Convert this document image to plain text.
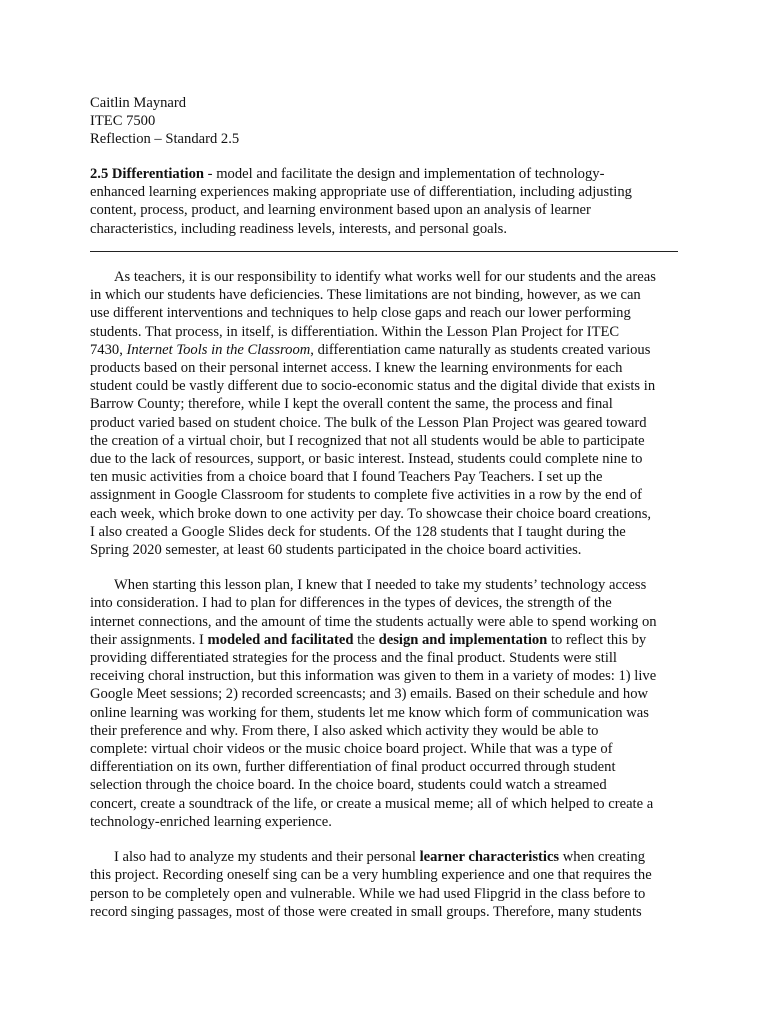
Caitlin Maynard
ITEC 7500
Reflection – Standard 2.5
2.5 Differentiation - model and facilitate the design and implementation of technology-
enhanced learning experiences making appropriate use of differentiation, including adjusting
content, process, product, and learning environment based upon an analysis of learner
characteristics, including readiness levels, interests, and personal goals.
As teachers, it is our responsibility to identify what works well for our students and the areas
in which our students have deficiencies. These limitations are not binding, however, as we can
use different interventions and techniques to help close gaps and reach our lower performing
students. That process, in itself, is differentiation. Within the Lesson Plan Project for ITEC
7430, Internet Tools in the Classroom, differentiation came naturally as students created various
products based on their personal internet access. I knew the learning environments for each
student could be vastly different due to socio-economic status and the digital divide that exists in
Barrow County; therefore, while I kept the overall content the same, the process and final
product varied based on student choice. The bulk of the Lesson Plan Project was geared toward
the creation of a virtual choir, but I recognized that not all students would be able to participate
due to the lack of resources, support, or basic interest. Instead, students could complete nine to
ten music activities from a choice board that I found Teachers Pay Teachers. I set up the
assignment in Google Classroom for students to complete five activities in a row by the end of
each week, which broke down to one activity per day. To showcase their choice board creations,
I also created a Google Slides deck for students. Of the 128 students that I taught during the
Spring 2020 semester, at least 60 students participated in the choice board activities.
When starting this lesson plan, I knew that I needed to take my students’ technology access
into consideration. I had to plan for differences in the types of devices, the strength of the
internet connections, and the amount of time the students actually were able to spend working on
their assignments. I modeled and facilitated the design and implementation to reflect this by
providing differentiated strategies for the process and the final product. Students were still
receiving choral instruction, but this information was given to them in a variety of modes: 1) live
Google Meet sessions; 2) recorded screencasts; and 3) emails. Based on their schedule and how
online learning was working for them, students let me know which form of communication was
their preference and why. From there, I also asked which activity they would be able to
complete: virtual choir videos or the music choice board project. While that was a type of
differentiation on its own, further differentiation of final product occurred through student
selection through the choice board. In the choice board, students could watch a streamed
concert, create a soundtrack of the life, or create a musical meme; all of which helped to create a
technology-enriched learning experience.
I also had to analyze my students and their personal learner characteristics when creating
this project. Recording oneself sing can be a very humbling experience and one that requires the
person to be completely open and vulnerable. While we had used Flipgrid in the class before to
record singing passages, most of those were created in small groups. Therefore, many students
